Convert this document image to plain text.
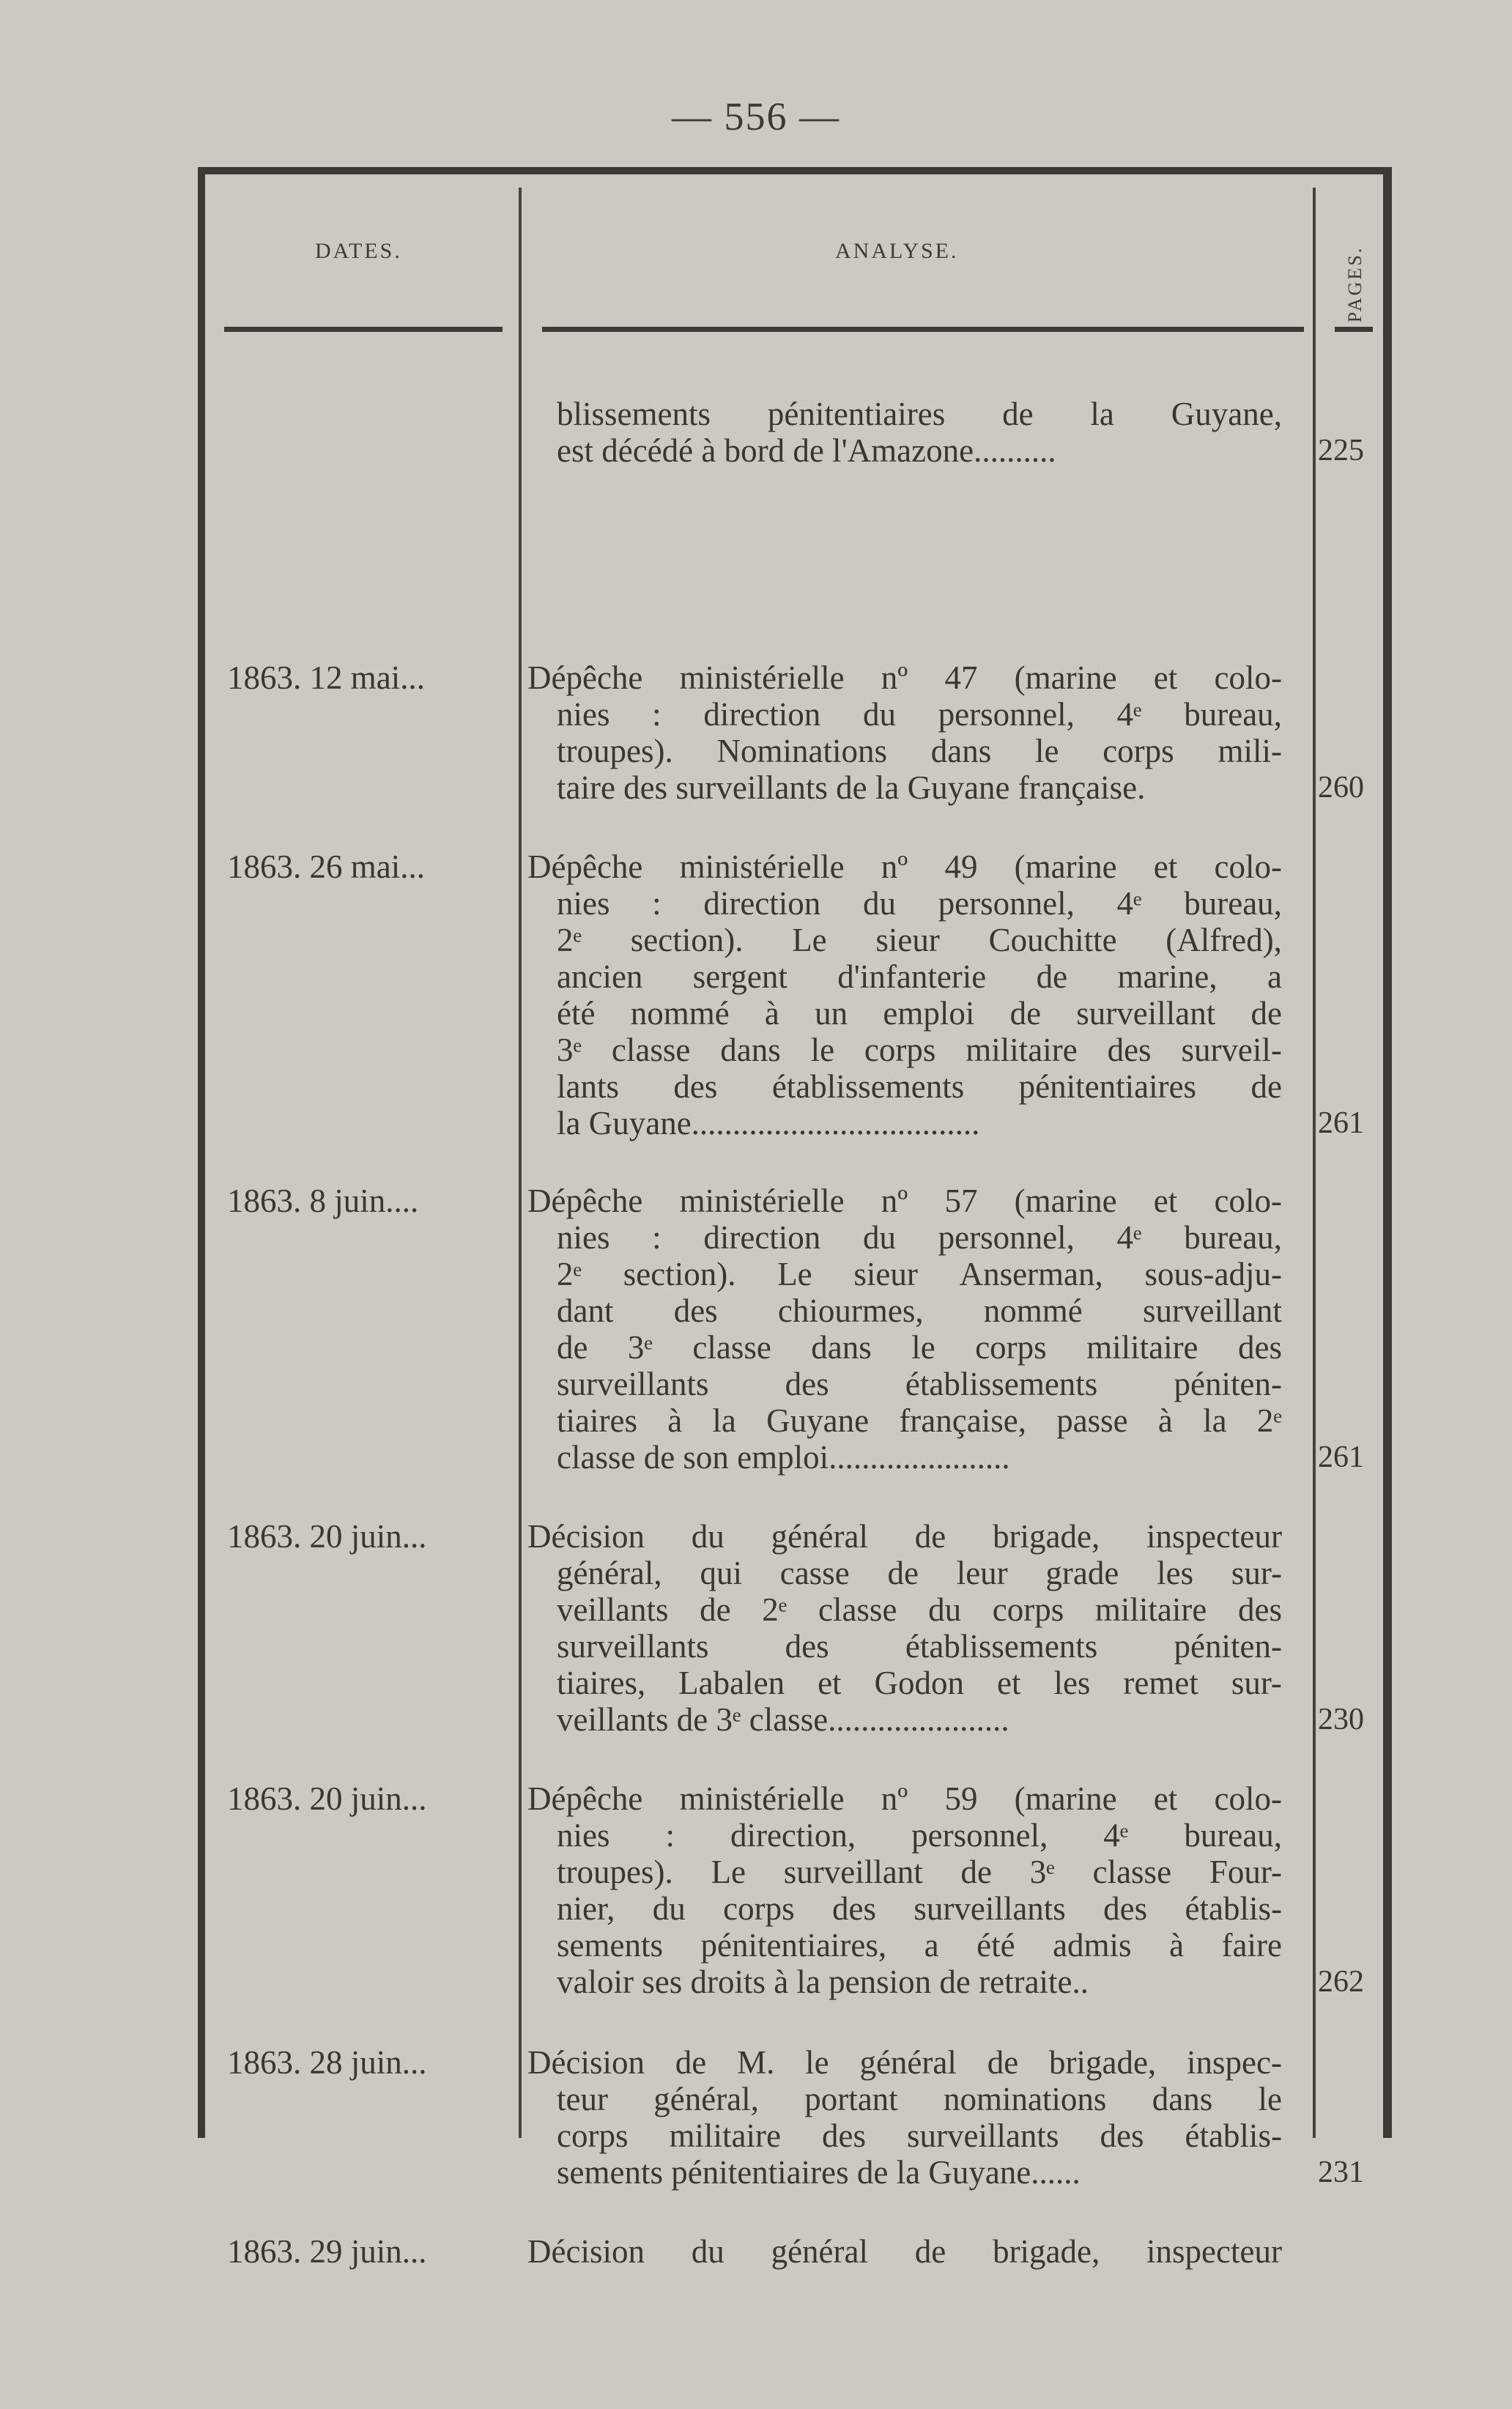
— 556 —
DATES.	ANALYSE.	PAGES.
blissements pénitentiaires de la Guyane,
est décédé à bord de l'Amazone..........	225
1863. 12 mai...	Dépêche ministérielle nº 47 (marine et colo-
nies : direction du personnel, 4ᵉ bureau,
troupes). Nominations dans le corps mili-
taire des surveillants de la Guyane française.	260
1863. 26 mai...	Dépêche ministérielle nº 49 (marine et colo-
nies : direction du personnel, 4ᵉ bureau,
2ᵉ section). Le sieur Couchitte (Alfred),
ancien sergent d'infanterie de marine, a
été nommé à un emploi de surveillant de
3ᵉ classe dans le corps militaire des surveil-
lants des établissements pénitentiaires de
la Guyane...................................	261
1863. 8 juin....	Dépêche ministérielle nº 57 (marine et colo-
nies : direction du personnel, 4ᵉ bureau,
2ᵉ section). Le sieur Anserman, sous-adju-
dant des chiourmes, nommé surveillant
de 3ᵉ classe dans le corps militaire des
surveillants des établissements péniten-
tiaires à la Guyane française, passe à la 2ᵉ
classe de son emploi......................	261
1863. 20 juin...	Décision du général de brigade, inspecteur
général, qui casse de leur grade les sur-
veillants de 2ᵉ classe du corps militaire des
surveillants des établissements péniten-
tiaires, Labalen et Godon et les remet sur-
veillants de 3ᵉ classe......................	230
1863. 20 juin...	Dépêche ministérielle nº 59 (marine et colo-
nies : direction, personnel, 4ᵉ bureau,
troupes). Le surveillant de 3ᵉ classe Four-
nier, du corps des surveillants des établis-
sements pénitentiaires, a été admis à faire
valoir ses droits à la pension de retraite..	262
1863. 28 juin...	Décision de M. le général de brigade, inspec-
teur général, portant nominations dans le
corps militaire des surveillants des établis-
sements pénitentiaires de la Guyane......	231
1863. 29 juin...	Décision du général de brigade, inspecteur
